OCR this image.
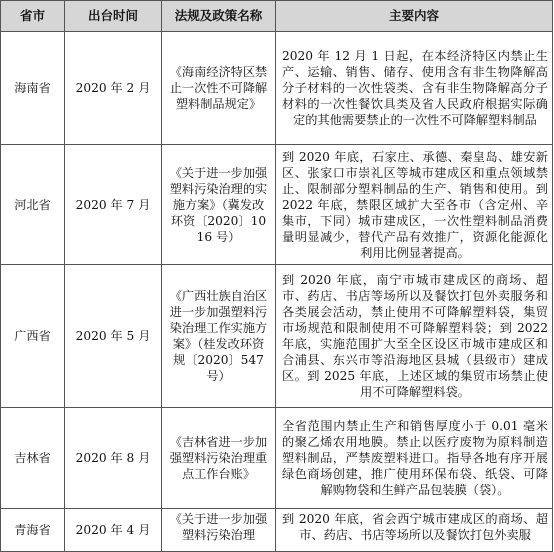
省市	出台时间	法规及政策名称	主要内容
海南省	2020 年 2 月	《海南经济特区禁止一次性不可降解塑料制品规定》	2020 年 12 月 1 日起，在本经济特区内禁止生产、运输、销售、储存、使用含有非生物降解高分子材料的一次性袋类、含有非生物降解高分子材料的一次性餐饮具类及省人民政府根据实际确定的其他需要禁止的一次性不可降解塑料制品
河北省	2020 年 7 月	《关于进一步加强塑料污染治理的实施方案》（冀发改环资〔2020〕1016 号）	到 2020 年底，石家庄、承德、秦皇岛、雄安新区、张家口市崇礼区等城市建成区和重点领域禁止、限制部分塑料制品的生产、销售和使用。到 2022 年底，禁限区域扩大至各市（含定州、辛集市，下同）城市建成区，一次性塑料制品消费量明显减少，替代产品有效推广，资源化能源化利用比例显著提高。
广西省	2020 年 5 月	《广西壮族自治区进一步加强塑料污染治理工作实施方案》（桂发改环资规〔2020〕547 号）	到 2020 年底，南宁市城市建成区的商场、超市、药店、书店等场所以及餐饮打包外卖服务和各类展会活动，禁止使用不可降解塑料袋，集贸市场规范和限制使用不可降解塑料袋；到 2022 年底，实施范围扩大至全区设区市城市建成区和合浦县、东兴市等沿海地区县城（县级市）建成区。到 2025 年底，上述区域的集贸市场禁止使用不可降解塑料袋。
吉林省	2020 年 8 月	《吉林省进一步加强塑料污染治理重点工作台账》	全省范围内禁止生产和销售厚度小于 0.01 毫米的聚乙烯农用地膜。禁止以医疗废物为原料制造塑料制品，严禁废塑料进口。指导各地有序开展绿色商场创建，推广使用环保布袋、纸袋、可降解购物袋和生鲜产品包装膜（袋）。
青海省	2020 年 4 月	《关于进一步加强塑料污染治理	到 2020 年底，省会西宁城市建成区的商场、超市、药店、书店等场所以及餐饮打包外卖服
